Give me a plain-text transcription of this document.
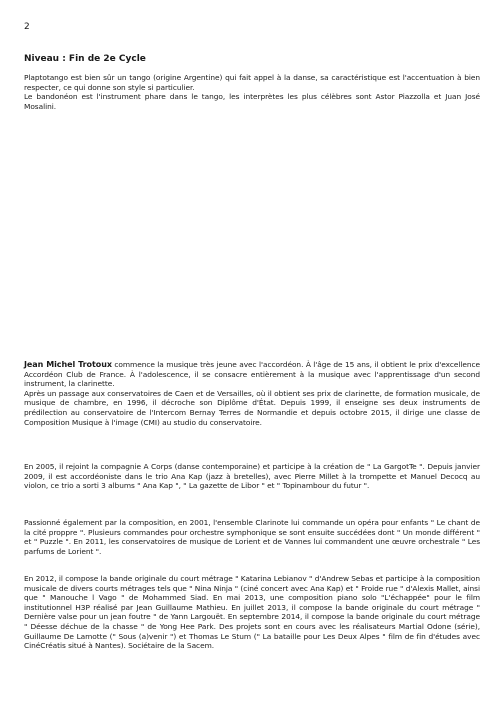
2
Niveau : Fin de 2e Cycle

Plaptotango est bien sûr un tango (origine Argentine) qui fait appel à la danse, sa caractéristique est l'accentuation à bien respecter, ce qui donne son style si particulier.

Le bandonéon est l'instrument phare dans le tango, les interprètes les plus célèbres sont Astor Piazzolla et Juan José Mosalini.

Jean Michel Trotoux commence la musique très jeune avec l'accordéon. À l'âge de 15 ans, il obtient le prix d'excellence Accordéon Club de France. À l'adolescence, il se consacre entièrement à la musique avec l'apprentissage d'un second instrument, la clarinette.

Après un passage aux conservatoires de Caen et de Versailles, où il obtient ses prix de clarinette, de formation musicale, de musique de chambre, en 1996, il décroche son Diplôme d'État. Depuis 1999, il enseigne ses deux instruments de prédilection au conservatoire de l'Intercom Bernay Terres de Normandie et depuis octobre 2015, il dirige une classe de Composition Musique à l'image (CMI) au studio du conservatoire.

En 2005, il rejoint la compagnie A Corps (danse contemporaine) et participe à la création de " La GargotTe ". Depuis janvier 2009, il est accordéoniste dans le trio Ana Kap (jazz à bretelles), avec Pierre Millet à la trompette et Manuel Decocq au violon, ce trio a sorti 3 albums " Ana Kap ", " La gazette de Libor " et " Topinambour du futur ".
Passionné également par la composition, en 2001, l'ensemble Clarinote lui commande un opéra pour enfants " Le chant de la cité proppre ". Plusieurs commandes pour orchestre symphonique se sont ensuite succédées dont " Un monde différent " et " Puzzle ". En 2011, les conservatoires de musique de Lorient et de Vannes lui commandent une œuvre orchestrale " Les parfums de Lorient ".
En 2012, il compose la bande originale du court métrage " Katarina Lebianov " d'Andrew Sebas et participe à la composition musicale de divers courts métrages tels que " Nina Ninja " (ciné concert avec Ana Kap) et " Froide rue " d'Alexis Mallet, ainsi que " Manouche l Vago " de Mohammed Siad. En mai 2013, une composition piano solo "L'échappée" pour le film institutionnel H3P réalisé par Jean Guillaume Mathieu. En juillet 2013, il compose la bande originale du court métrage " Dernière valse pour un jean foutre " de Yann Largouët. En septembre 2014, il compose la bande originale du court métrage " Déesse déchue de la chasse " de Yong Hee Park. Des projets sont en cours avec les réalisateurs Martial Odone (série), Guillaume De Lamotte (" Sous (a)venir ") et Thomas Le Stum (" La bataille pour Les Deux Alpes " film de fin d'études avec CinéCréatis situé à Nantes). Sociétaire de la Sacem.
